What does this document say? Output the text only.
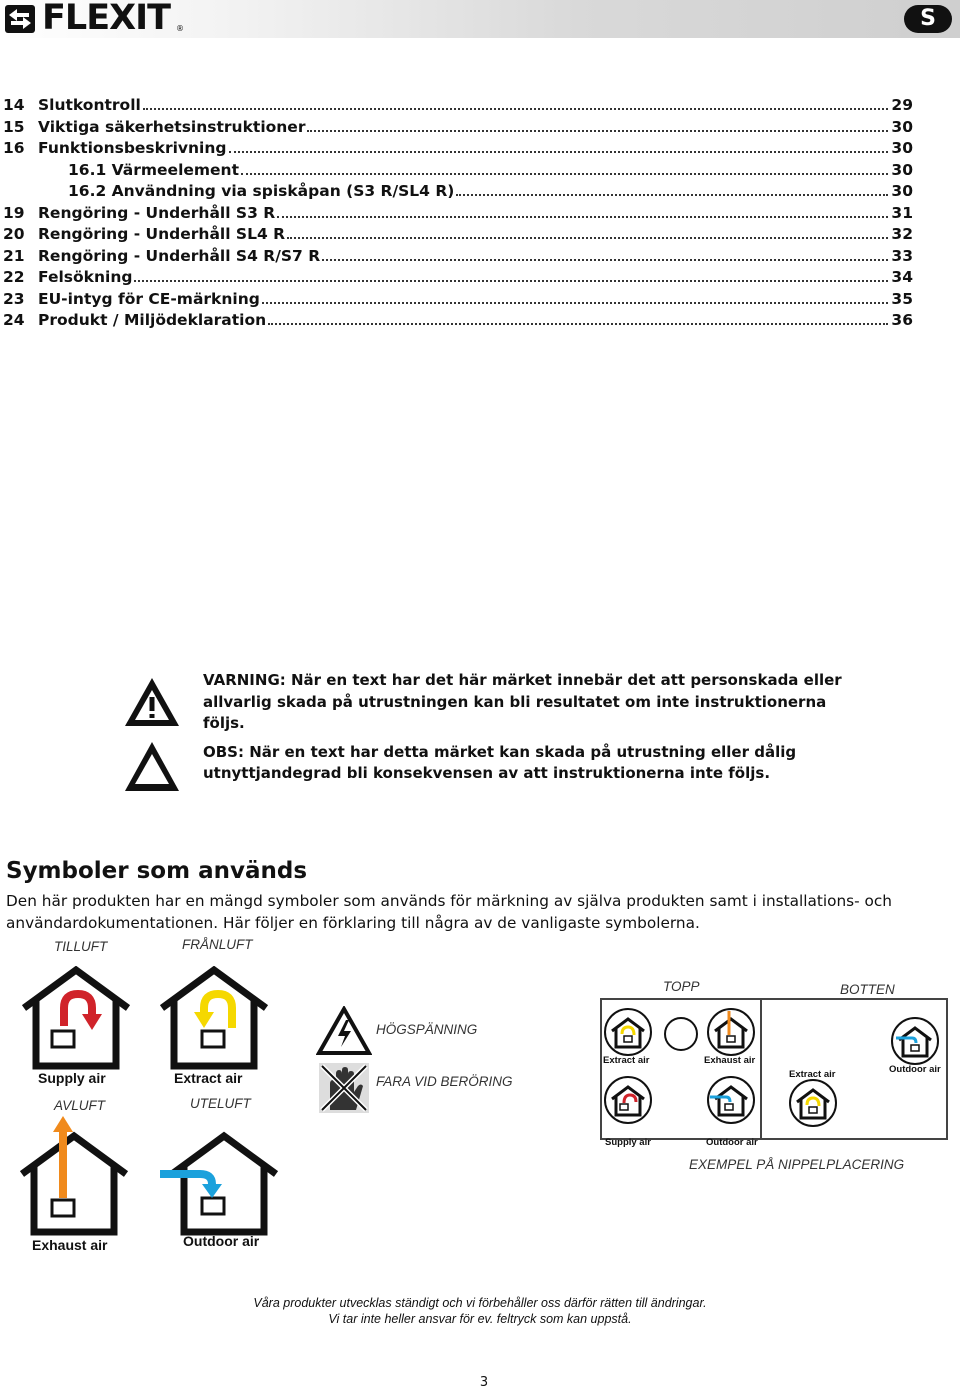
FLEXIT ®	S
14 Slutkontroll	29
15 Viktiga säkerhetsinstruktioner	30
16 Funktionsbeskrivning	30
16.1 Värmeelement	30
16.2 Användning via spiskåpan (S3 R/SL4 R)	30
19 Rengöring - Underhåll S3 R	31
20 Rengöring - Underhåll SL4 R	32
21 Rengöring - Underhåll S4 R/S7 R	33
22 Felsökning	34
23 EU-intyg för CE-märkning	35
24 Produkt / Miljödeklaration	36

VARNING: När en text har det här märket innebär det att personskada eller allvarlig skada på utrustningen kan bli resultatet om inte instruktionerna följs.

OBS: När en text har detta märket kan skada på utrustning eller dålig utnyttjandegrad bli konsekvensen av att instruktionerna inte följs.

Symboler som används
Den här produkten har en mängd symboler som används för märkning av själva produkten samt i installations- och användardokumentationen. Här följer en förklaring till några av de vanligaste symbolerna.
TILLUFT	FRÅNLUFT
Supply air	Extract air
HÖGSPÄNNING
FARA VID BERÖRING
AVLUFT	UTELUFT
Exhaust air	Outdoor air
TOPP	BOTTEN
Extract air	Exhaust air
Supply air	Outdoor air
Extract air	Outdoor air
EXEMPEL PÅ NIPPELPLACERING
Våra produkter utvecklas ständigt och vi förbehåller oss därför rätten till ändringar.
Vi tar inte heller ansvar för ev. feltryck som kan uppstå.
3
